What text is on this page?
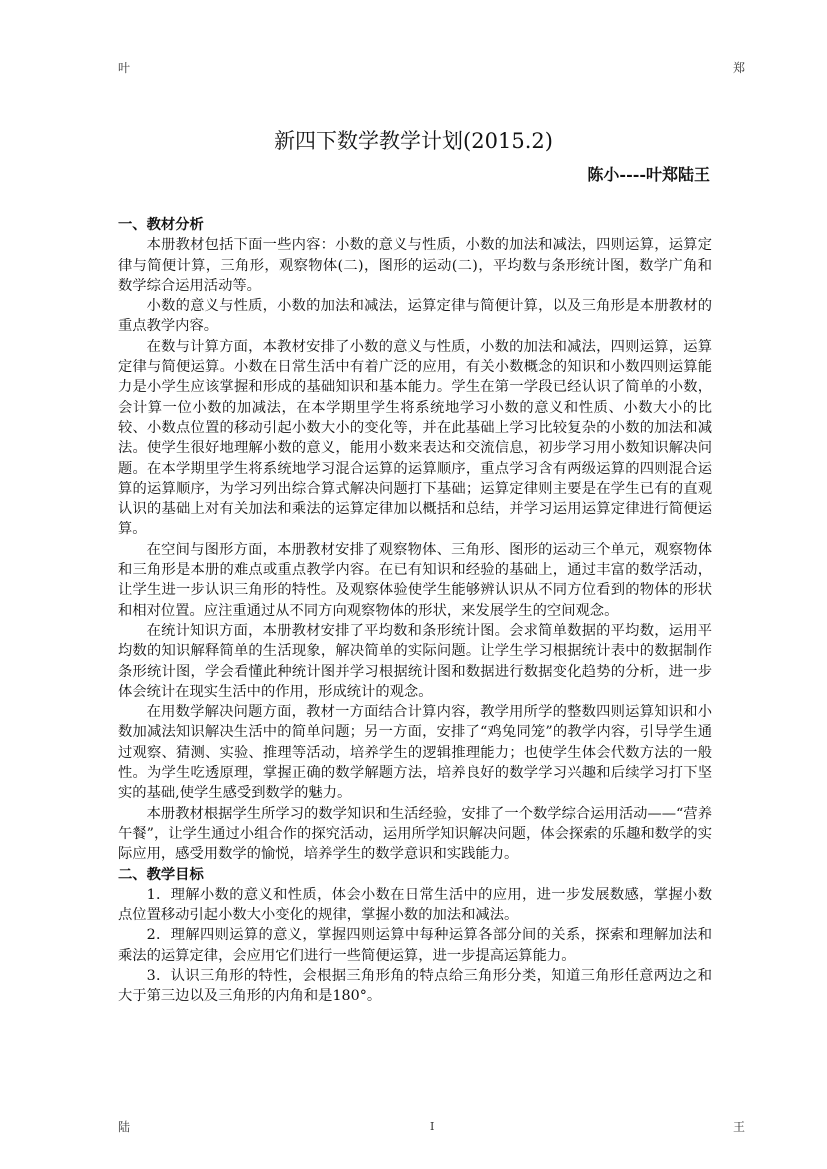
叶	郑
新四下数学教学计划(2015.2)
陈小----叶郑陆王

一、教材分析

本册教材包括下面一些内容：小数的意义与性质，小数的加法和减法，四则运算，运算定律与简便计算，三角形，观察物体(二)，图形的运动(二)，平均数与条形统计图，数学广角和数学综合运用活动等。

小数的意义与性质，小数的加法和减法，运算定律与简便计算，以及三角形是本册教材的重点教学内容。

在数与计算方面，本教材安排了小数的意义与性质，小数的加法和减法，四则运算，运算定律与简便运算。小数在日常生活中有着广泛的应用，有关小数概念的知识和小数四则运算能力是小学生应该掌握和形成的基础知识和基本能力。学生在第一学段已经认识了简单的小数，会计算一位小数的加减法，在本学期里学生将系统地学习小数的意义和性质、小数大小的比较、小数点位置的移动引起小数大小的变化等，并在此基础上学习比较复杂的小数的加法和减法。使学生很好地理解小数的意义，能用小数来表达和交流信息，初步学习用小数知识解决问题。在本学期里学生将系统地学习混合运算的运算顺序，重点学习含有两级运算的四则混合运算的运算顺序，为学习列出综合算式解决问题打下基础；运算定律则主要是在学生已有的直观认识的基础上对有关加法和乘法的运算定律加以概括和总结，并学习运用运算定律进行简便运算。

在空间与图形方面，本册教材安排了观察物体、三角形、图形的运动三个单元，观察物体和三角形是本册的难点或重点教学内容。在已有知识和经验的基础上，通过丰富的数学活动，让学生进一步认识三角形的特性。及观察体验使学生能够辨认识从不同方位看到的物体的形状和相对位置。应注重通过从不同方向观察物体的形状，来发展学生的空间观念。

在统计知识方面，本册教材安排了平均数和条形统计图。会求简单数据的平均数，运用平均数的知识解释简单的生活现象，解决简单的实际问题。让学生学习根据统计表中的数据制作条形统计图，学会看懂此种统计图并学习根据统计图和数据进行数据变化趋势的分析，进一步体会统计在现实生活中的作用，形成统计的观念。

在用数学解决问题方面，教材一方面结合计算内容，教学用所学的整数四则运算知识和小数加减法知识解决生活中的简单问题；另一方面，安排了“鸡兔同笼”的教学内容，引导学生通过观察、猜测、实验、推理等活动，培养学生的逻辑推理能力；也使学生体会代数方法的一般性。为学生吃透原理，掌握正确的数学解题方法，培养良好的数学学习兴趣和后续学习打下坚实的基础,使学生感受到数学的魅力。

本册教材根据学生所学习的数学知识和生活经验，安排了一个数学综合运用活动——“营养午餐”，让学生通过小组合作的探究活动，运用所学知识解决问题，体会探索的乐趣和数学的实际应用，感受用数学的愉悦，培养学生的数学意识和实践能力。

二、教学目标

1．理解小数的意义和性质，体会小数在日常生活中的应用，进一步发展数感，掌握小数点位置移动引起小数大小变化的规律，掌握小数的加法和减法。

2．理解四则运算的意义，掌握四则运算中每种运算各部分间的关系，探索和理解加法和乘法的运算定律，会应用它们进行一些简便运算，进一步提高运算能力。

3．认识三角形的特性，会根据三角形角的特点给三角形分类，知道三角形任意两边之和大于第三边以及三角形的内角和是180°。

陆	I	王
